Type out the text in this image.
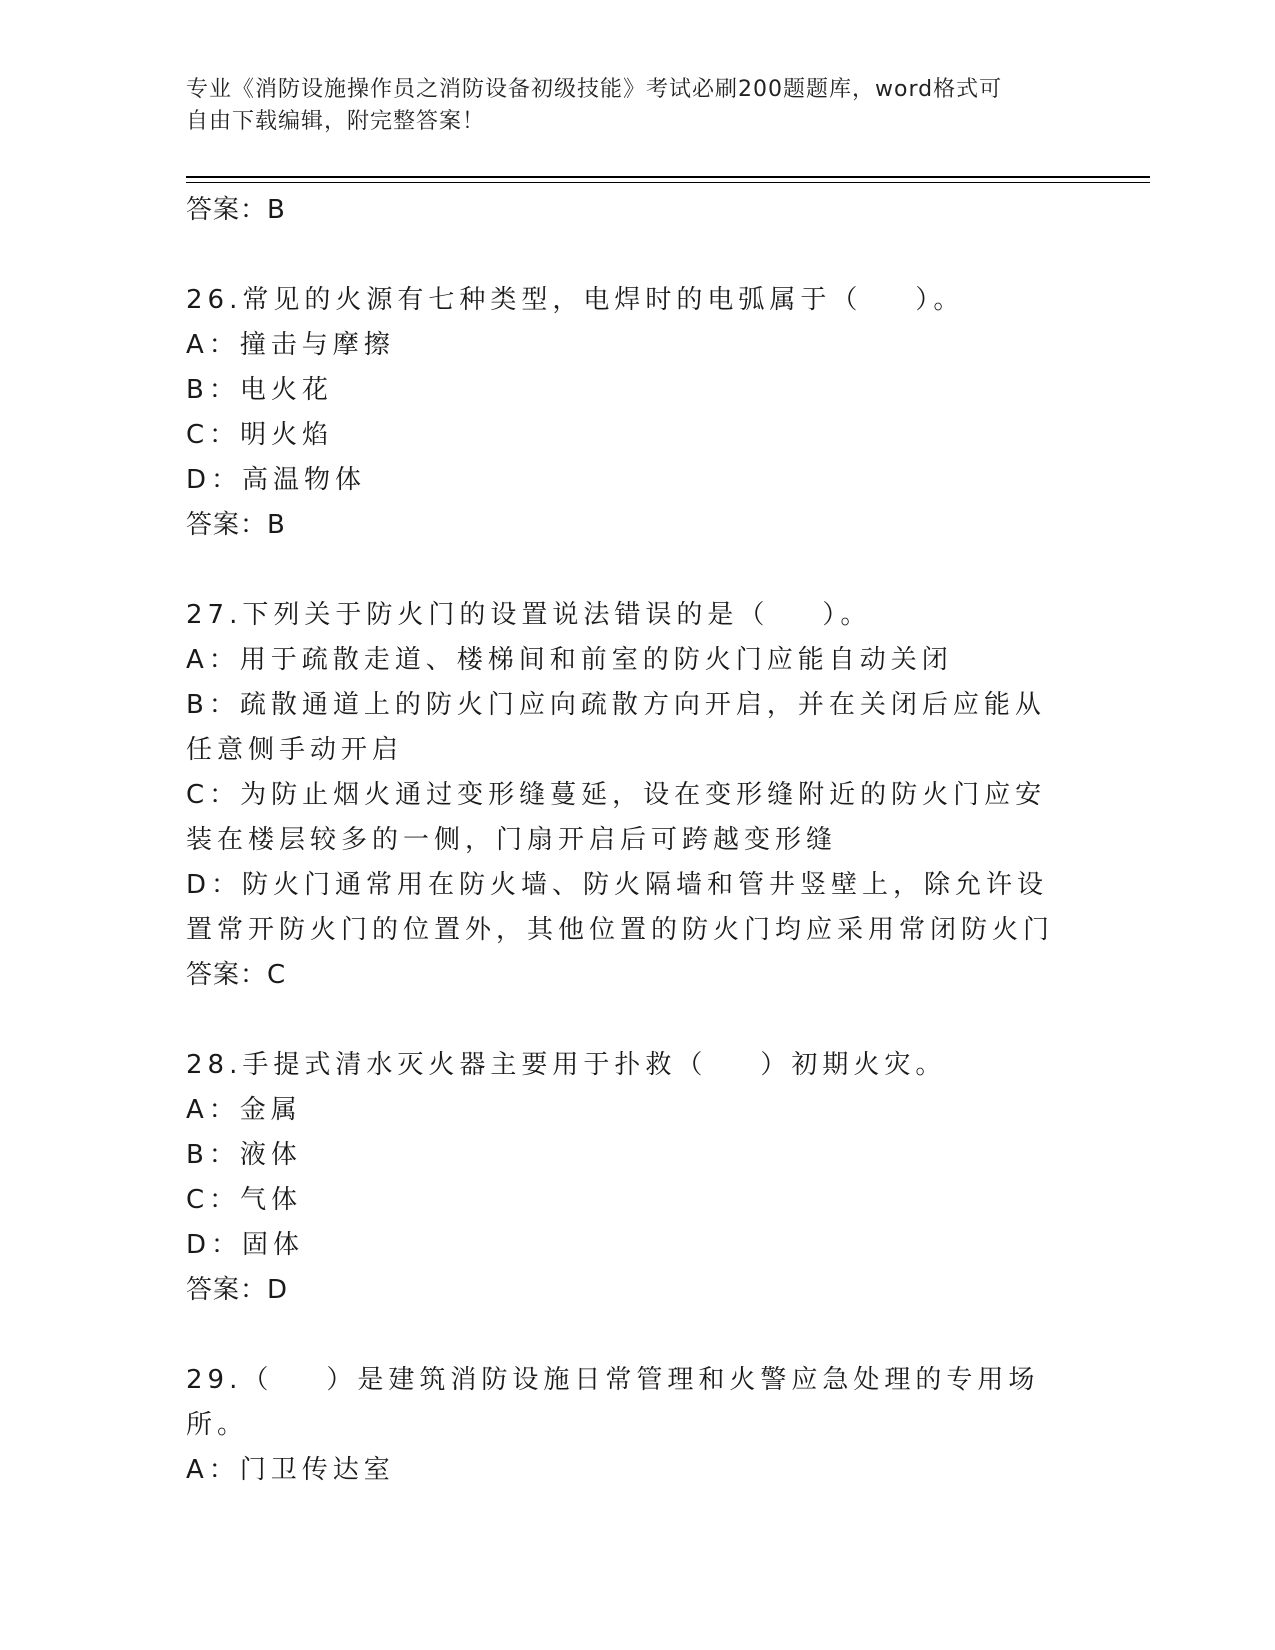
专业《消防设施操作员之消防设备初级技能》考试必刷200题题库，word格式可
自由下载编辑，附完整答案！
答案：B
26.常见的火源有七种类型，电焊时的电弧属于（    ）。
A：撞击与摩擦
B：电火花
C：明火焰
D：高温物体
答案：B
27.下列关于防火门的设置说法错误的是（    ）。
A：用于疏散走道、楼梯间和前室的防火门应能自动关闭
B：疏散通道上的防火门应向疏散方向开启，并在关闭后应能从任意侧手动开启
C：为防止烟火通过变形缝蔓延，设在变形缝附近的防火门应安装在楼层较多的一侧，门扇开启后可跨越变形缝
D：防火门通常用在防火墙、防火隔墙和管井竖壁上，除允许设置常开防火门的位置外，其他位置的防火门均应采用常闭防火门
答案：C
28.手提式清水灭火器主要用于扑救（    ）初期火灾。
A：金属
B：液体
C：气体
D：固体
答案：D
29.（    ）是建筑消防设施日常管理和火警应急处理的专用场所。
A：门卫传达室
